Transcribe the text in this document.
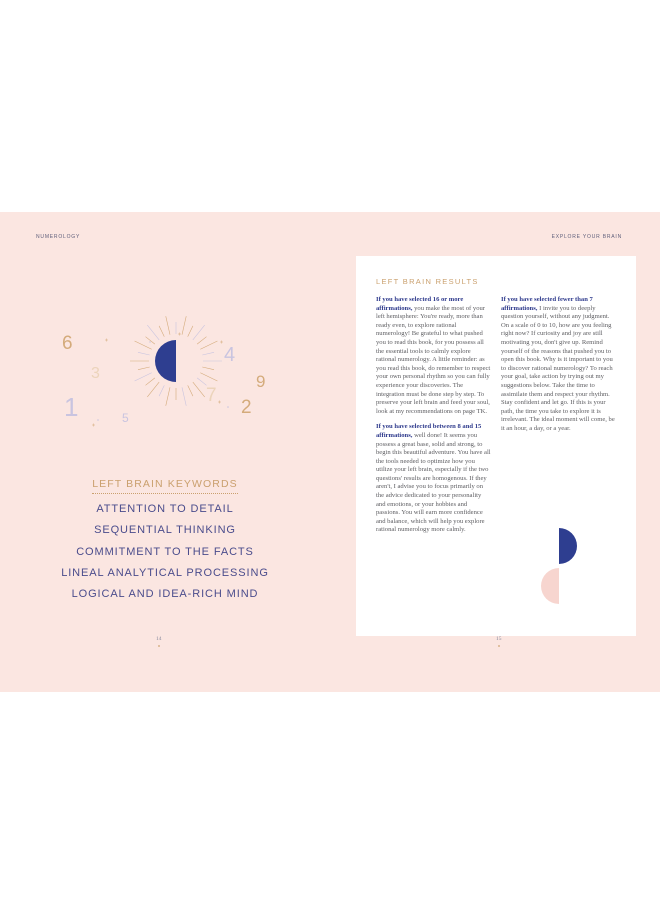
NUMEROLOGY	EXPLORE YOUR BRAIN
6
3
1	5
4
9
7
2
LEFT BRAIN KEYWORDS
ATTENTION TO DETAIL
SEQUENTIAL THINKING
COMMITMENT TO THE FACTS
LINEAL ANALYTICAL PROCESSING
LOGICAL AND IDEA-RICH MIND
LEFT BRAIN RESULTS

If you have selected 16 or more affirmations, you make the most of your left hemisphere: You're ready, more than ready even, to explore rational numerology! Be grateful to what pushed you to read this book, for you possess all the essential tools to calmly explore rational numerology. A little reminder: as you read this book, do remember to respect your own personal rhythm so you can fully experience your discoveries. The integration must be done step by step. To preserve your left brain and feed your soul, look at my recommendations on page TK.

If you have selected between 8 and 15 affirmations, well done! It seems you possess a great base, solid and strong, to begin this beautiful adventure. You have all the tools needed to optimize how you utilize your left brain, especially if the two questions' results are homogenous. If they aren't, I advise you to focus primarily on the advice dedicated to your personality and emotions, or your hobbies and passions. You will earn more confidence and balance, which will help you explore rational numerology more calmly.

If you have selected fewer than 7 affirmations, I invite you to deeply question yourself, without any judgment. On a scale of 0 to 10, how are you feeling right now? If curiosity and joy are still motivating you, don't give up. Remind yourself of the reasons that pushed you to open this book. Why is it important to you to discover rational numerology? To reach your goal, take action by trying out my suggestions below. Take the time to assimilate them and respect your rhythm. Stay confident and let go. If this is your path, the time you take to explore it is irrelevant. The ideal moment will come, be it an hour, a day, or a year.

14	15
